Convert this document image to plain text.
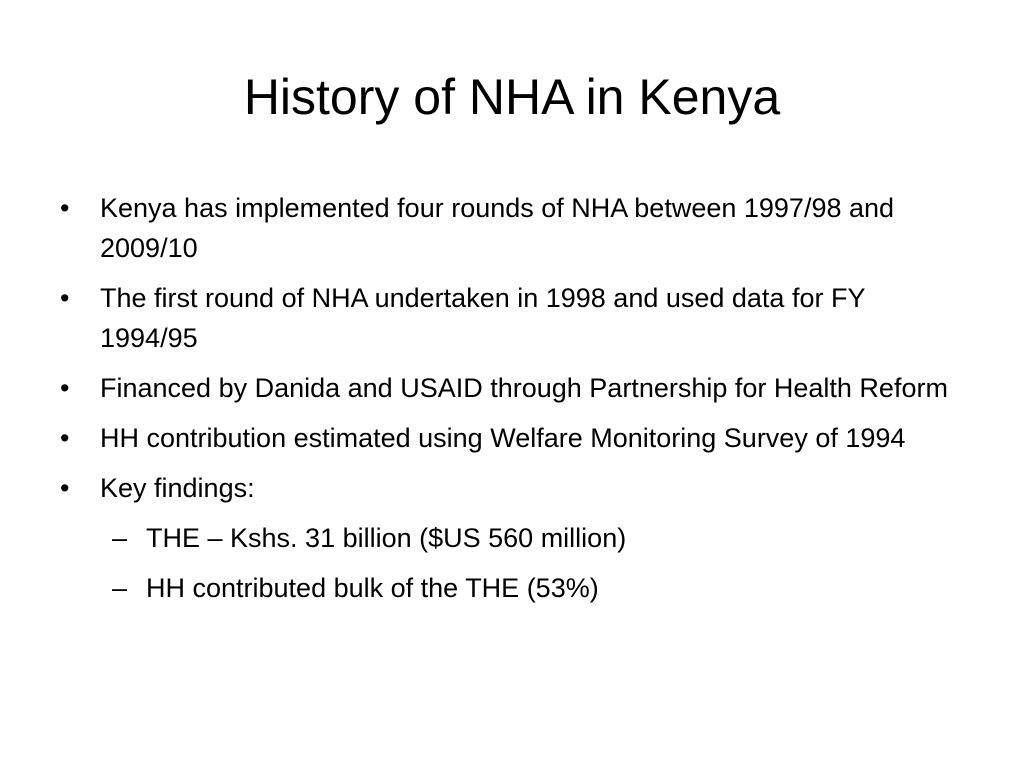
History of NHA in Kenya
•	Kenya has implemented four rounds of NHA between 1997/98 and 2009/10
•	The first round of NHA undertaken in 1998 and used data for FY 1994/95
•	Financed by Danida and USAID through Partnership for Health Reform
•	HH contribution estimated using Welfare Monitoring Survey of 1994
•	Key findings:
– THE – Kshs. 31 billion ($US 560 million)
– HH contributed bulk of the THE (53%)
